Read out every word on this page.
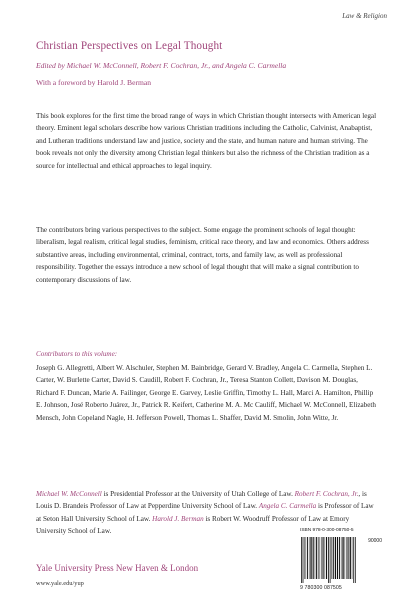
Law & Religion
Christian Perspectives on Legal Thought
Edited by Michael W. McConnell, Robert F. Cochran, Jr., and Angela C. Carmella
With a foreword by Harold J. Berman

This book explores for the first time the broad range of ways in which Christian thought intersects with American legal theory. Eminent legal scholars describe how various Christian traditions including the Catholic, Calvinist, Anabaptist, and Lutheran traditions understand law and justice, society and the state, and human nature and human striving. The book reveals not only the diversity among Christian legal thinkers but also the richness of the Christian tradition as a source for intellectual and ethical approaches to legal inquiry.

The contributors bring various perspectives to the subject. Some engage the prominent schools of legal thought: liberalism, legal realism, critical legal studies, feminism, critical race theory, and law and economics. Others address substantive areas, including environmental, criminal, contract, torts, and family law, as well as professional responsibility. Together the essays introduce a new school of legal thought that will make a signal contribution to contemporary discussions of law.

Contributors to this volume:

Joseph G. Allegretti, Albert W. Alschuler, Stephen M. Bainbridge, Gerard V. Bradley, Angela C. Carmella, Stephen L. Carter, W. Burlette Carter, David S. Caudill, Robert F. Cochran, Jr., Teresa Stanton Collett, Davison M. Douglas, Richard F. Duncan, Marie A. Failinger, George E. Garvey, Leslie Griffin, Timothy L. Hall, Marci A. Hamilton, Phillip E. Johnson, José Roberto Juárez, Jr., Patrick R. Keifert, Catherine M. A. Mc Cauliff, Michael W. McConnell, Elizabeth Mensch, John Copeland Nagle, H. Jefferson Powell, Thomas L. Shaffer, David M. Smolin, John Witte, Jr.

Michael W. McConnell is Presidential Professor at the University of Utah College of Law. Robert F. Cochran, Jr., is Louis D. Brandeis Professor of Law at Pepperdine University School of Law. Angela C. Carmella is Professor of Law at Seton Hall University School of Law. Harold J. Berman is Robert W. Woodruff Professor of Law at Emory University School of Law.	ISBN 978-0-300-08750-5
90000
9 780300 087505
Yale University Press New Haven & London
www.yale.edu/yup
